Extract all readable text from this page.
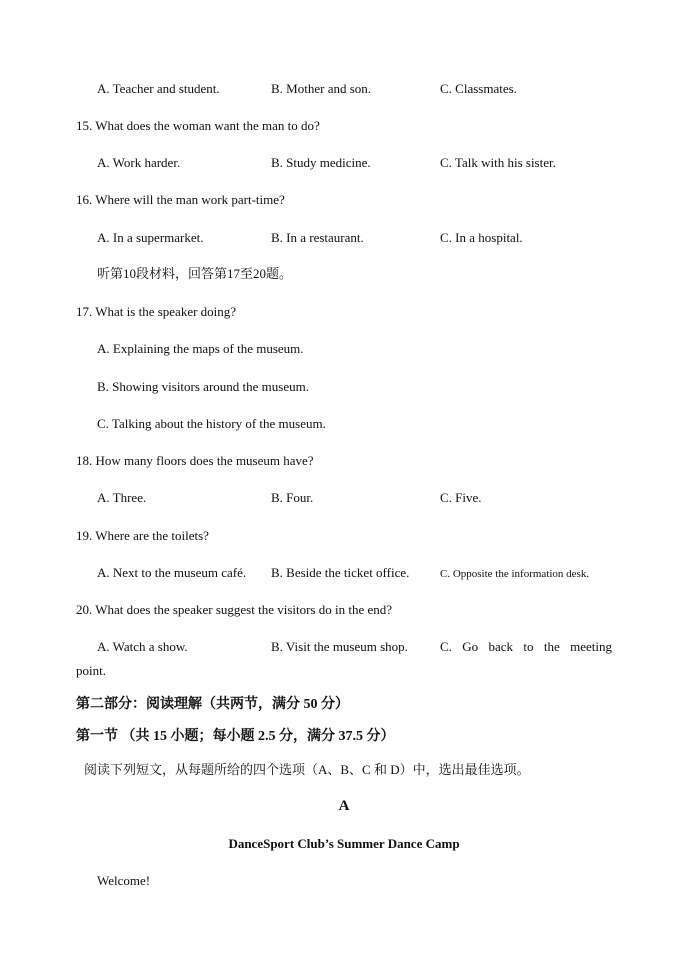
A. Teacher and student.	B. Mother and son.	C. Classmates.
15. What does the woman want the man to do?
A. Work harder.	B. Study medicine.	C. Talk with his sister.
16. Where will the man work part-time?
A. In a supermarket.	B. In a restaurant.	C. In a hospital.
听第10段材料，回答第17至20题。
17. What is the speaker doing?
A. Explaining the maps of the museum.
B. Showing visitors around the museum.
C. Talking about the history of the museum.
18. How many floors does the museum have?
A. Three.	B. Four.	C. Five.
19. Where are the toilets?
A. Next to the museum café. B. Beside the ticket office.	C. Opposite the information desk.
20. What does the speaker suggest the visitors do in the end?
A. Watch a show.	B. Visit the museum shop. C. Go back to the meeting
point.
第二部分：阅读理解（共两节，满分 50 分）
第一节 （共 15 小题；每小题 2.5 分，满分 37.5 分）
阅读下列短文，从每题所给的四个选项（A、B、C 和 D）中，选出最佳选项。
A
DanceSport Club’s Summer Dance Camp
Welcome!
